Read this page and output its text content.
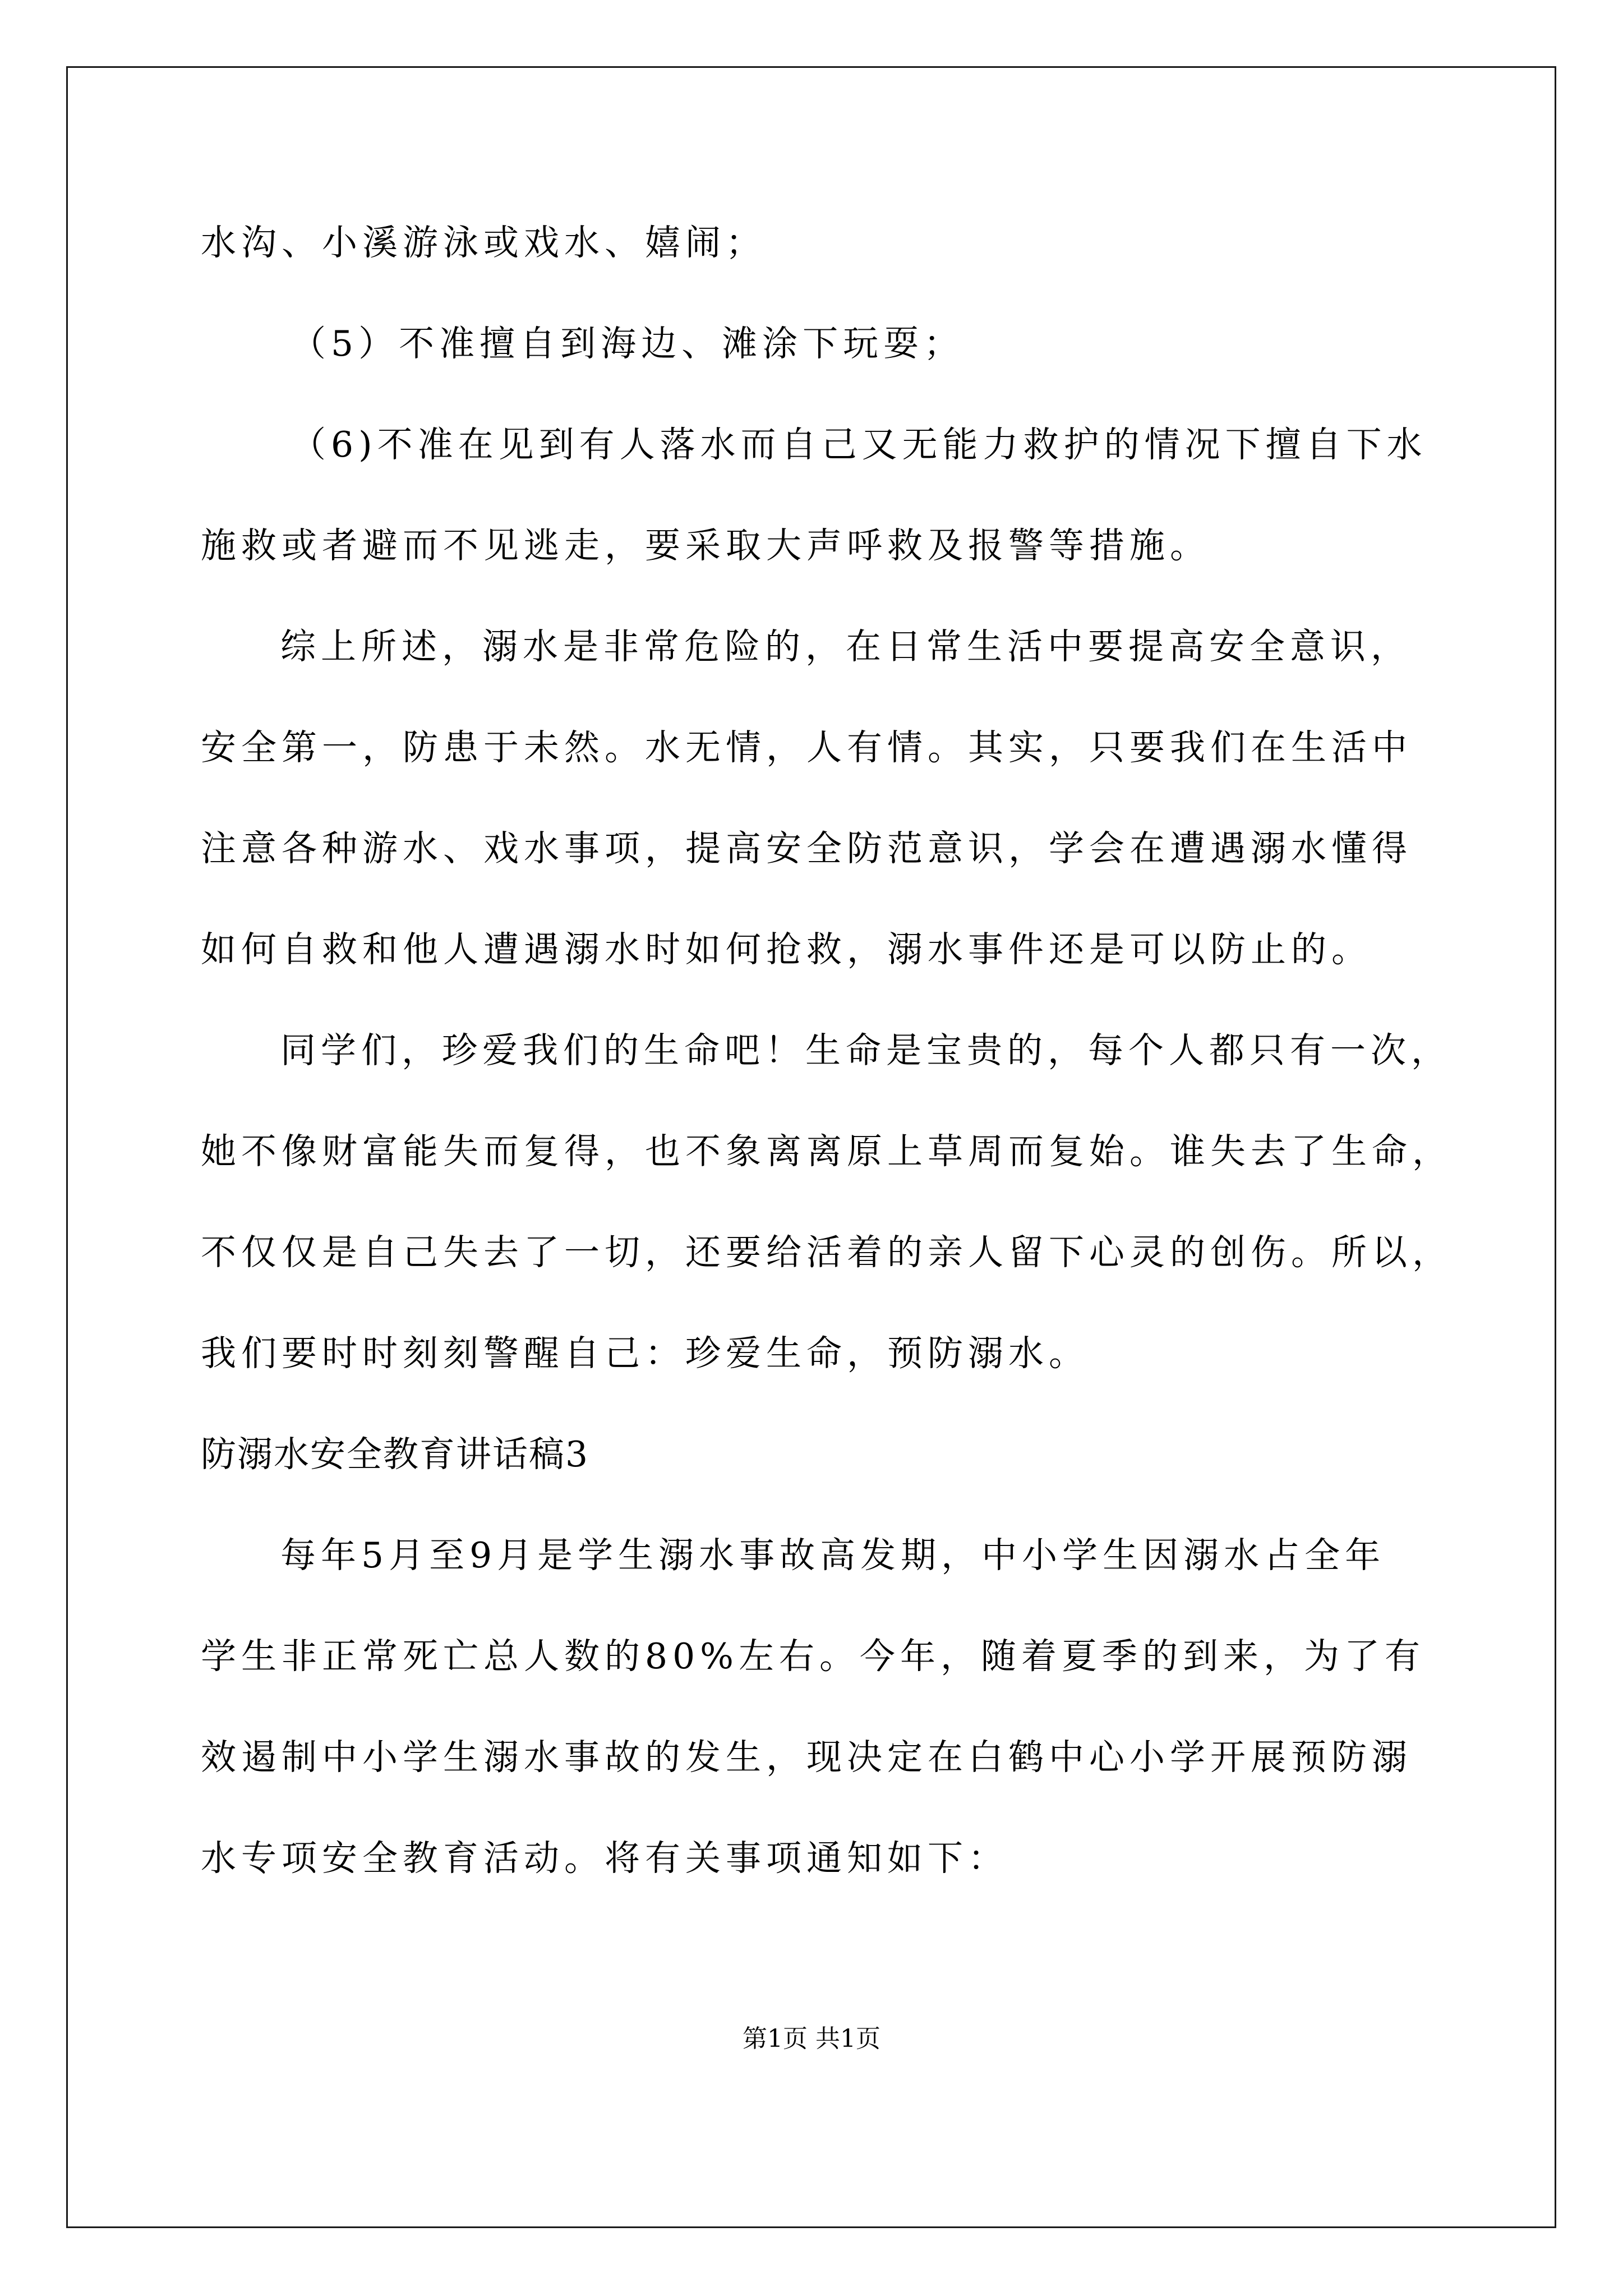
水沟、小溪游泳或戏水、嬉闹；
（5）不准擅自到海边、滩涂下玩耍；
（6)不准在见到有人落水而自己又无能力救护的情况下擅自下水
施救或者避而不见逃走，要采取大声呼救及报警等措施。
综上所述，溺水是非常危险的，在日常生活中要提高安全意识，
安全第一，防患于未然。水无情，人有情。其实，只要我们在生活中
注意各种游水、戏水事项，提高安全防范意识，学会在遭遇溺水懂得
如何自救和他人遭遇溺水时如何抢救，溺水事件还是可以防止的。
同学们，珍爱我们的生命吧！生命是宝贵的，每个人都只有一次，
她不像财富能失而复得，也不象离离原上草周而复始。谁失去了生命，
不仅仅是自己失去了一切，还要给活着的亲人留下心灵的创伤。所以，
我们要时时刻刻警醒自己：珍爱生命，预防溺水。
防溺水安全教育讲话稿3
每年5月至9月是学生溺水事故高发期，中小学生因溺水占全年
学生非正常死亡总人数的80%左右。今年，随着夏季的到来，为了有
效遏制中小学生溺水事故的发生，现决定在白鹤中心小学开展预防溺
水专项安全教育活动。将有关事项通知如下：
第1页 共1页
